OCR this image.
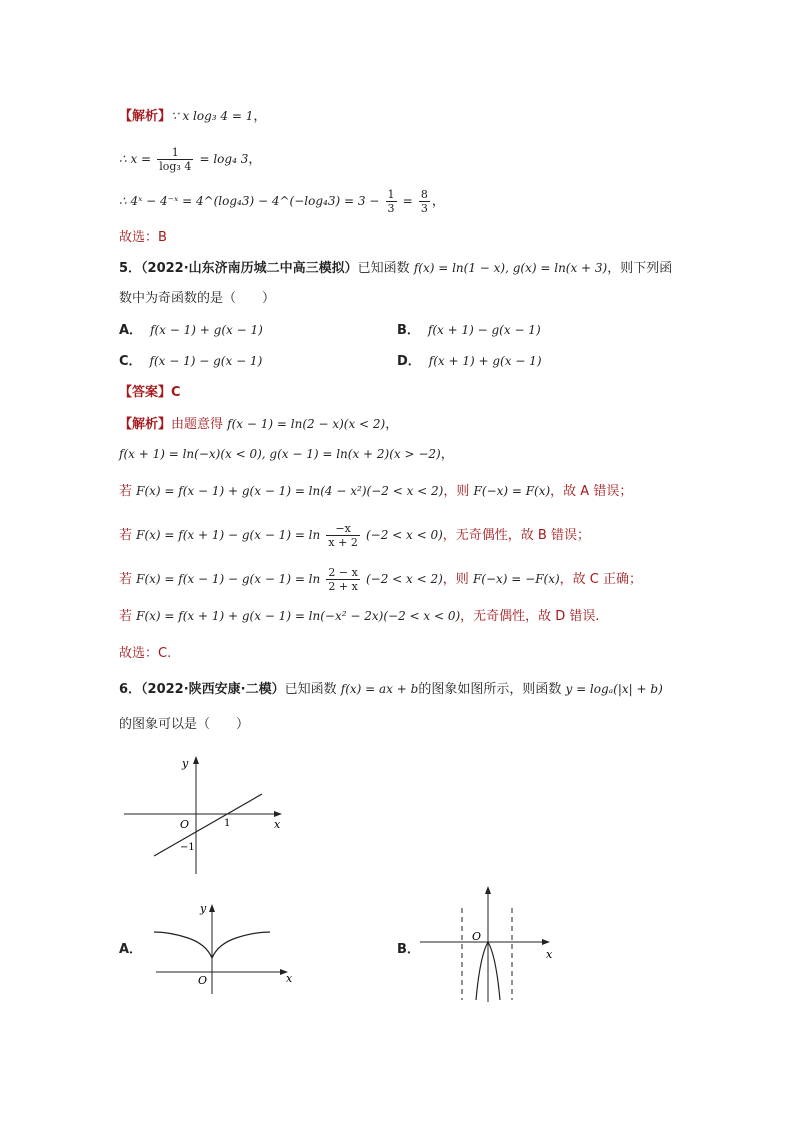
【解析】∵ x log₃ 4 = 1，
∴ $x = \frac{1}{\text{log₃ 4}} = \log_4$ 3，
∴ 4ˣ − 4⁻ˣ = 4^(log₄3) − 4^(−log₄3) = $3 - \frac{1}{3} = \frac{8}{3}$ ，
故选：B
5．（2022·山东济南历城二中高三模拟）已知函数 f(x) = ln(1 − x), g(x) = ln(x + 3)，则下列函
数中为奇函数的是（　　）
A． f(x − 1) + g(x − 1)	B． f(x + 1) − g(x − 1)
C． f(x − 1) − g(x − 1)	D． f(x + 1) + g(x − 1)
【答案】C
【解析】由题意得 f(x − 1) = ln(2 − x)(x < 2)，
f(x + 1) = ln(−x)(x < 0), g(x − 1) = ln(x + 2)(x > −2)，
若 F(x) = f(x − 1) + g(x − 1) = ln(4 − x²)(−2 < x < 2)，则 F(−x) = F(x)，故 A 错误；
若 $F(x) = f(x + 1) - g(x - 1) = \ln \frac{-x}{x + 2} (-2 < x < 0)$，无奇偶性，故 B 错误；
若 $F(x) = f(x - 1) - g(x - 1) = \ln \frac{2 - x}{2 + x} (-2 < x < 2)$，则 F(−x) = −F(x)，故 C 正确；
若 F(x) = f(x + 1) + g(x − 1) = ln(−x² − 2x)(−2 < x < 0)，无奇偶性，故 D 错误.
故选：C.
6．（2022·陕西安康·二模）已知函数 f(x) = ax + b的图象如图所示，则函数 y = logₐ(|x| + b)
的图象可以是（　　）
y
x
O	1
−1
A．
y
x
O
B．
O
x
